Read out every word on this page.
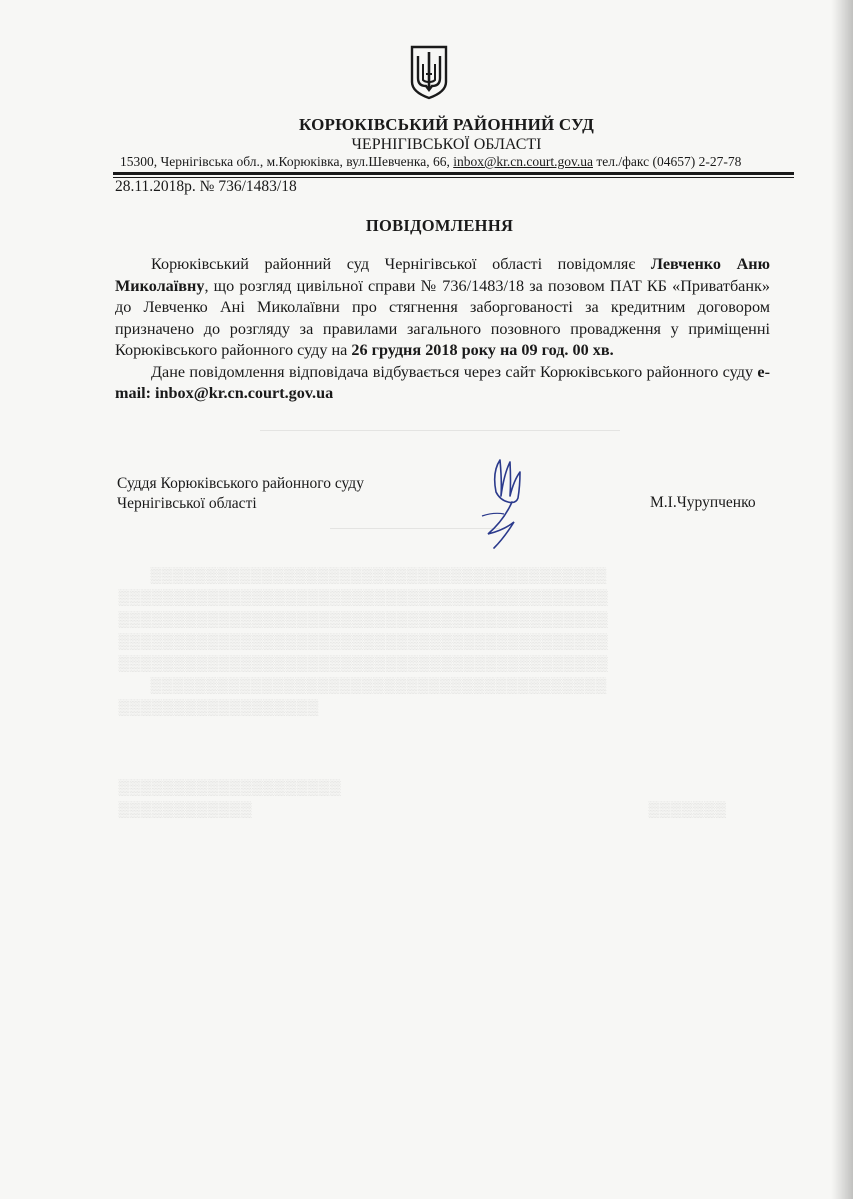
▒▒▒▒▒▒▒▒▒▒▒▒▒▒▒▒▒▒▒▒▒▒▒▒▒▒▒▒▒▒▒▒▒▒▒▒▒▒▒▒▒
▒▒▒▒▒▒▒▒▒▒▒▒▒▒▒▒▒▒▒▒▒▒▒▒▒▒▒▒▒▒▒▒▒▒▒▒▒▒▒▒▒▒▒▒
▒▒▒▒▒▒▒▒▒▒▒▒▒▒▒▒▒▒▒▒▒▒▒▒▒▒▒▒▒▒▒▒▒▒▒▒▒▒▒▒▒▒▒▒
▒▒▒▒▒▒▒▒▒▒▒▒▒▒▒▒▒▒▒▒▒▒▒▒▒▒▒▒▒▒▒▒▒▒▒▒▒▒▒▒▒▒▒▒
▒▒▒▒▒▒▒▒▒▒▒▒▒▒▒▒▒▒▒▒▒▒▒▒▒▒▒▒▒▒▒▒▒▒▒▒▒▒▒▒▒▒▒▒
▒▒▒▒▒▒▒▒▒▒▒▒▒▒▒▒▒▒▒▒▒▒▒▒▒▒▒▒▒▒▒▒▒▒▒▒▒▒▒▒▒
▒▒▒▒▒▒▒▒▒▒▒▒▒▒▒▒▒▒
▒▒▒▒▒▒▒▒▒▒▒▒▒▒▒▒▒▒▒▒
▒▒▒▒▒▒▒▒▒▒▒▒	▒▒▒▒▒▒▒
КОРЮКІВСЬКИЙ РАЙОННИЙ СУД
ЧЕРНІГІВСЬКОЇ ОБЛАСТІ
15300, Чернігівська обл., м.Корюківка, вул.Шевченка, 66, inbox@kr.cn.court.gov.ua тел./факс (04657) 2-27-78
28.11.2018р. № 736/1483/18
ПОВІДОМЛЕННЯ

Корюківський районний суд Чернігівської області повідомляє Левченко Аню Миколаївну, що розгляд цивільної справи № 736/1483/18 за позовом ПАТ КБ «Приватбанк» до Левченко Ані Миколаївни про стягнення заборгованості за кредитним договором призначено до розгляду за правилами загального позовного провадження у приміщенні Корюківського районного суду на 26 грудня 2018 року на 09 год. 00 хв.

Дане повідомлення відповідача відбувається через сайт Корюківського районного суду e-mail: inbox@kr.cn.court.gov.ua

Суддя Корюківського районного суду
Чернігівської області	М.І.Чурупченко
